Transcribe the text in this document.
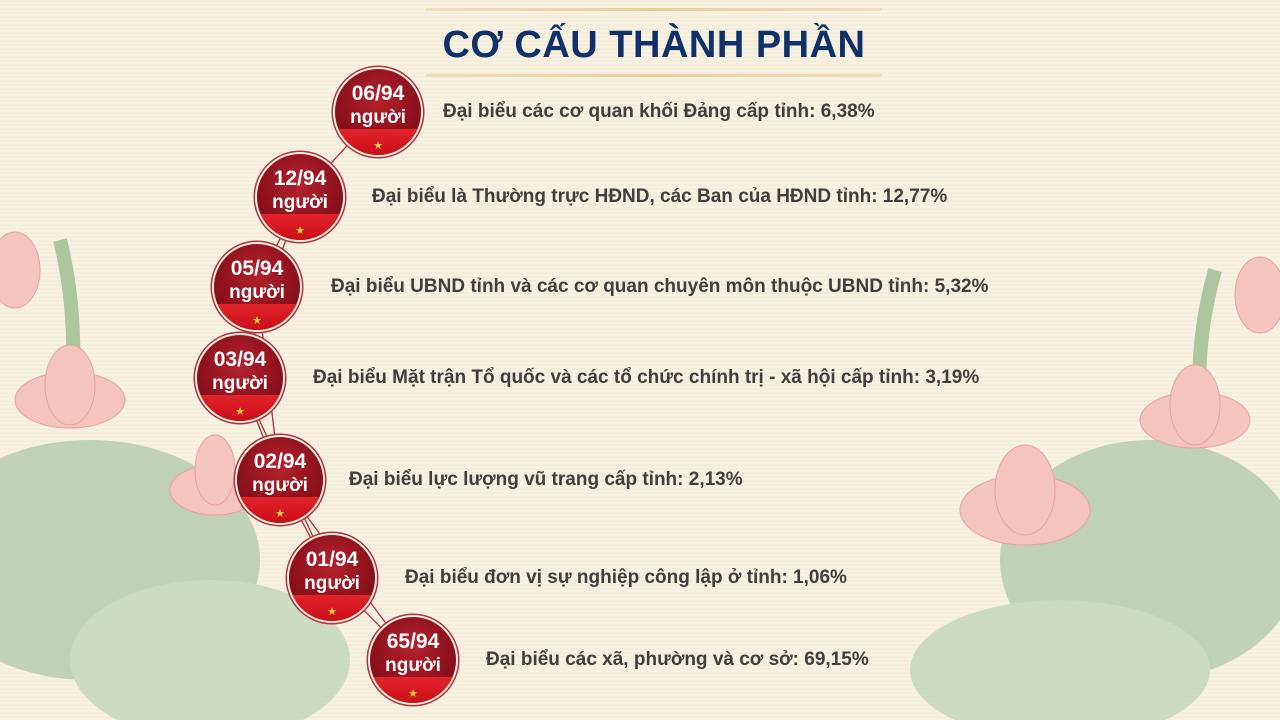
CƠ CẤU THÀNH PHẦN
06/94
người
★
Đại biểu các cơ quan khối Đảng cấp tỉnh: 6,38%
12/94
người
★
Đại biểu là Thường trực HĐND, các Ban của HĐND tỉnh: 12,77%
05/94
người
★
Đại biểu UBND tỉnh và các cơ quan chuyên môn thuộc UBND tỉnh: 5,32%
03/94
người
★
Đại biểu Mặt trận Tổ quốc và các tổ chức chính trị - xã hội cấp tỉnh: 3,19%
02/94
người
★
Đại biểu lực lượng vũ trang cấp tỉnh: 2,13%
01/94
người
★
Đại biểu đơn vị sự nghiệp công lập ở tỉnh: 1,06%
65/94
người
★
Đại biểu các xã, phường và cơ sở: 69,15%
